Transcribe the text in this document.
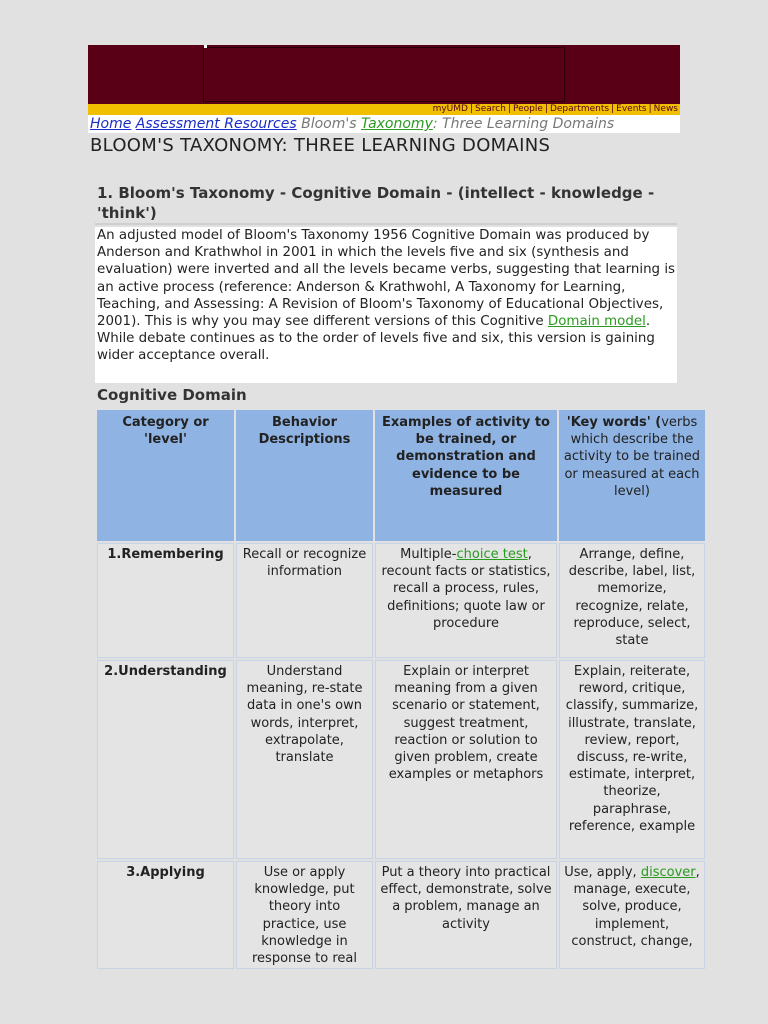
myUMD | Search | People | Departments | Events | News
Home Assessment Resources Bloom's Taxonomy: Three Learning Domains
BLOOM'S TAXONOMY: THREE LEARNING DOMAINS
1. Bloom's Taxonomy - Cognitive Domain - (intellect - knowledge - 'think')
An adjusted model of Bloom's Taxonomy 1956 Cognitive Domain was produced by Anderson and Krathwhol in 2001 in which the levels five and six (synthesis and evaluation) were inverted and all the levels became verbs, suggesting that learning is an active process (reference: Anderson & Krathwohl, A Taxonomy for Learning, Teaching, and Assessing: A Revision of Bloom's Taxonomy of Educational Objectives, 2001). This is why you may see different versions of this Cognitive Domain model. While debate continues as to the order of levels five and six, this version is gaining wider acceptance overall.
Cognitive Domain
Category or 'level'	Behavior Descriptions	Examples of activity to be trained, or demonstration and evidence to be measured	'Key words' (verbs which describe the activity to be trained or measured at each level)
1.Remembering	Recall or recognize information	Multiple-choice test, recount facts or statistics, recall a process, rules, definitions; quote law or procedure	Arrange, define, describe, label, list, memorize, recognize, relate, reproduce, select, state
2.Understanding	Understand meaning, re-state data in one's own words, interpret, extrapolate, translate	Explain or interpret meaning from a given scenario or statement, suggest treatment, reaction or solution to given problem, create examples or metaphors	Explain, reiterate, reword, critique, classify, summarize, illustrate, translate, review, report, discuss, re-write, estimate, interpret, theorize, paraphrase, reference, example
3.Applying	Use or apply knowledge, put theory into practice, use knowledge in response to real	Put a theory into practical effect, demonstrate, solve a problem, manage an activity	Use, apply, discover, manage, execute, solve, produce, implement, construct, change,
